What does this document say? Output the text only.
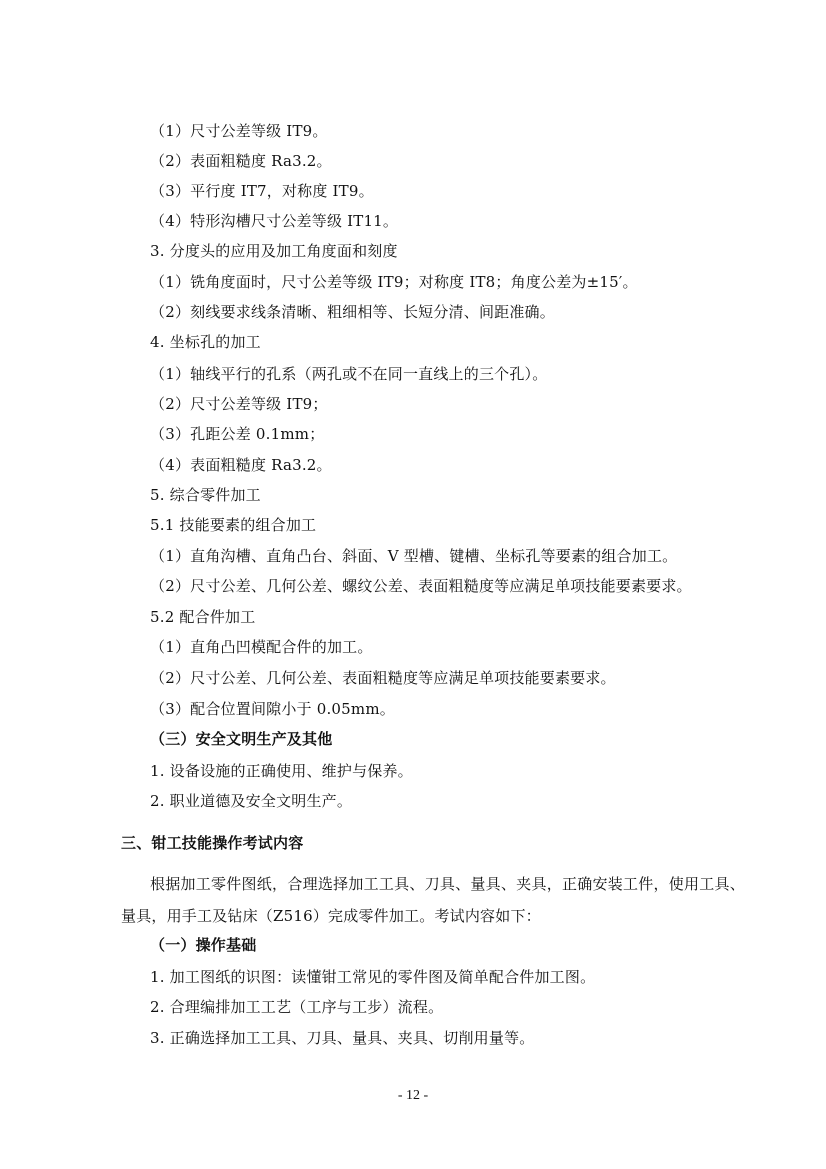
（1）尺寸公差等级 IT9。
（2）表面粗糙度 Ra3.2。
（3）平行度 IT7，对称度 IT9。
（4）特形沟槽尺寸公差等级 IT11。
3. 分度头的应用及加工角度面和刻度
（1）铣角度面时，尺寸公差等级 IT9；对称度 IT8；角度公差为±15′。
（2）刻线要求线条清晰、粗细相等、长短分清、间距准确。
4. 坐标孔的加工
（1）轴线平行的孔系（两孔或不在同一直线上的三个孔）。
（2）尺寸公差等级 IT9；
（3）孔距公差 0.1mm；
（4）表面粗糙度 Ra3.2。
5. 综合零件加工
5.1 技能要素的组合加工
（1）直角沟槽、直角凸台、斜面、V 型槽、键槽、坐标孔等要素的组合加工。
（2）尺寸公差、几何公差、螺纹公差、表面粗糙度等应满足单项技能要素要求。
5.2 配合件加工
（1）直角凸凹模配合件的加工。
（2）尺寸公差、几何公差、表面粗糙度等应满足单项技能要素要求。
（3）配合位置间隙小于 0.05mm。
（三）安全文明生产及其他
1. 设备设施的正确使用、维护与保养。
2. 职业道德及安全文明生产。
三、钳工技能操作考试内容
根据加工零件图纸，合理选择加工工具、刀具、量具、夹具，正确安装工件，使用工具、量具，用手工及钻床（Z516）完成零件加工。考试内容如下：
（一）操作基础
1. 加工图纸的识图：读懂钳工常见的零件图及简单配合件加工图。
2. 合理编排加工工艺（工序与工步）流程。
3. 正确选择加工工具、刀具、量具、夹具、切削用量等。
- 12 -
